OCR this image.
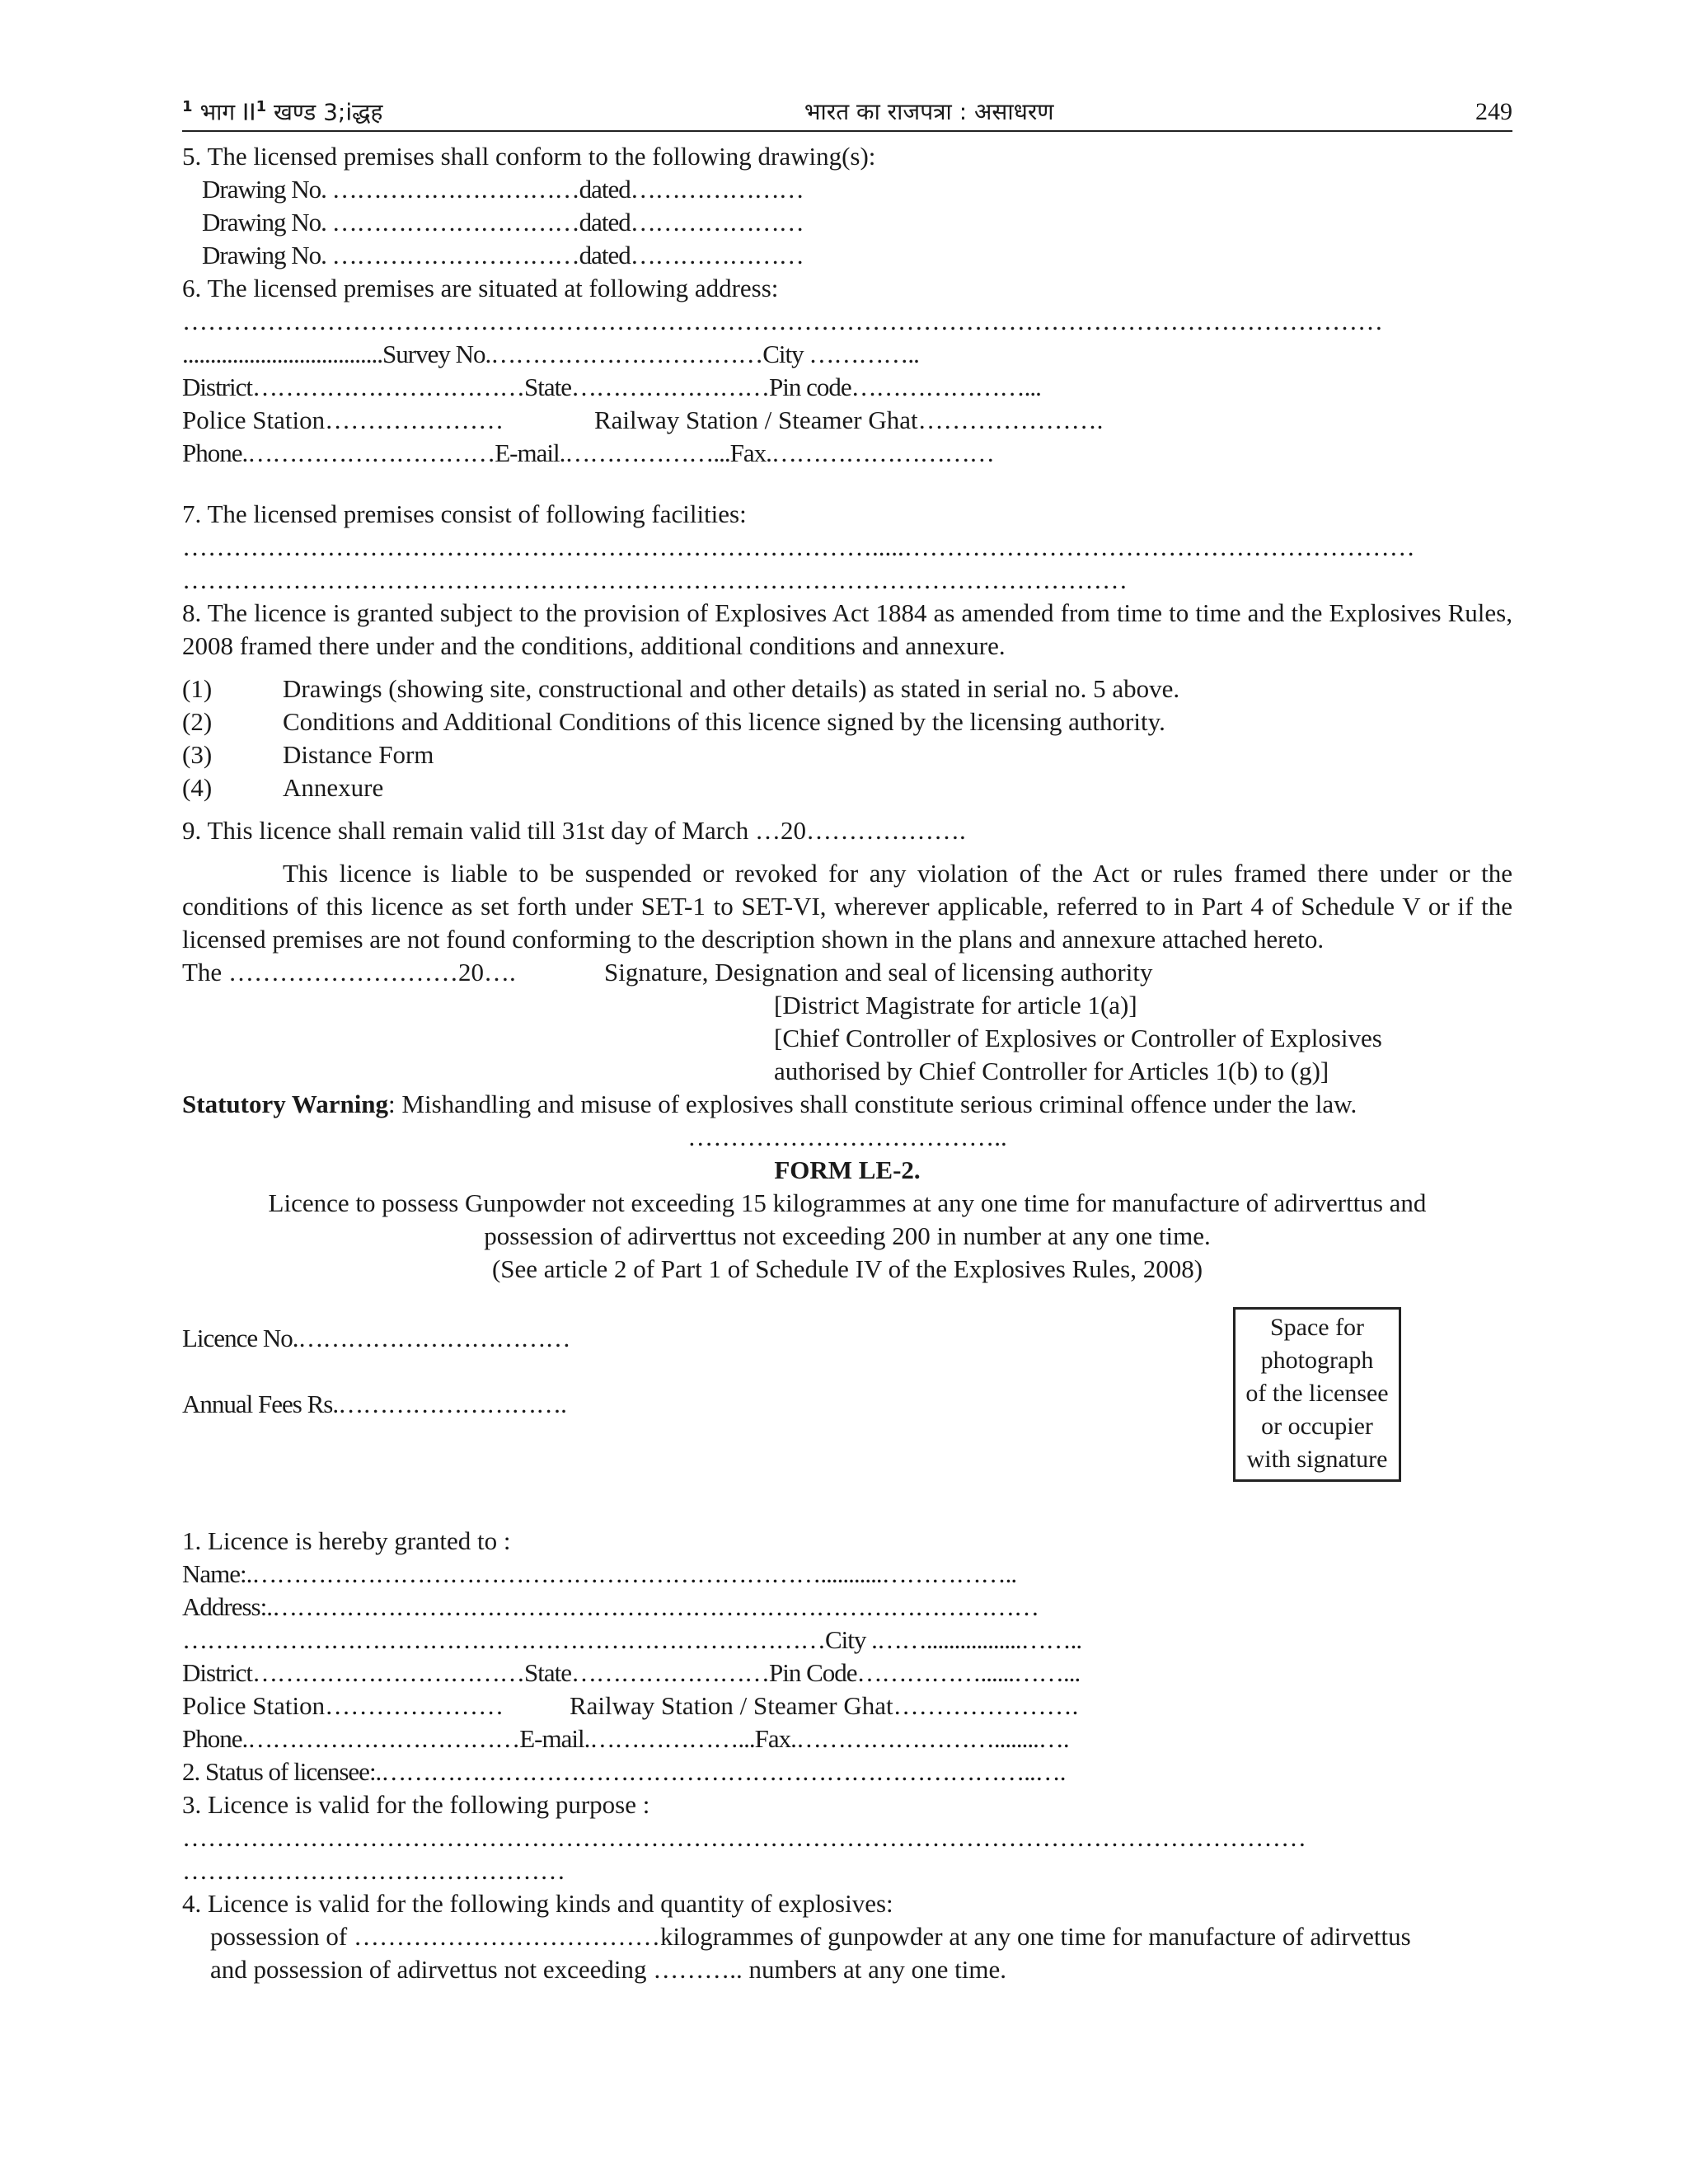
$^1$ भाग $II^1$ खण्ड 3;iद्धह	भारत का राजपत्रा : असाधरण	249
5. The licensed premises shall conform to the following drawing(s):
Drawing No. …………………………dated…………………
Drawing No. …………………………dated…………………
Drawing No. …………………………dated…………………
6. The licensed premises are situated at following address:
……………………………………………………………………………………………………………………………
....................................Survey No.……………………………City …………..
District……………………………State……………………Pin code…………………...
Police Station…………………	Railway Station / Steamer Ghat………………….
Phone.…………………………E-mail.………………...Fax.………………………
7. The licensed premises consist of following facilities:
……………………………………………………………………….....……………………………………………………
…………………………………………………………………………………………………
8. The licence is granted subject to the provision of Explosives Act 1884 as amended from time to time and the Explosives Rules, 2008 framed there under and the conditions, additional conditions and annexure.
(1)	Drawings (showing site, constructional and other details) as stated in serial no. 5 above.
(2)	Conditions and Additional Conditions of this licence signed by the licensing authority.
(3)	Distance Form
(4)	Annexure
9. This licence shall remain valid till 31st day of March …20……………….
This licence is liable to be suspended or revoked for any violation of the Act or rules framed there under or the conditions of this licence as set forth under SET-1 to SET-VI, wherever applicable, referred to in Part 4 of Schedule V or if the licensed premises are not found conforming to the description shown in the plans and annexure attached hereto.
The ………………………20….	Signature, Designation and seal of licensing authority
[District Magistrate for article 1(a)]
[Chief Controller of Explosives or Controller of Explosives
authorised by Chief Controller for Articles 1(b) to (g)]
Statutory Warning: Mishandling and misuse of explosives shall constitute serious criminal offence under the law.
………………………………..
FORM LE-2.
Licence to possess Gunpowder not exceeding 15 kilogrammes at any one time for manufacture of adirverttus and
possession of adirverttus not exceeding 200 in number at any one time.
(See article 2 of Part 1 of Schedule IV of the Explosives Rules, 2008)
Licence No.……………………………
Annual Fees Rs.……………………….
Space for
photograph
of the licensee
or occupier
with signature
1. Licence is hereby granted to :
Name:.……………………………………………………………...........……………..
Address:.…………………………………………………………………………………
……………………………………………………………………City .…….................……..
District……………………………State……………………Pin Code……………......……...
Police Station…………………	Railway Station / Steamer Ghat………………….
Phone.……………………………E-mail.………………...Fax.……………………........….
2. Status of licensee:.……………………………………………………………………..….
3. Licence is valid for the following purpose :
……………………………………………………………………………………………………………………
………………………………………
4. Licence is valid for the following kinds and quantity of explosives:
possession of ………………………………kilogrammes of gunpowder at any one time for manufacture of adirvettus
and possession of adirvettus not exceeding ……….. numbers at any one time.
